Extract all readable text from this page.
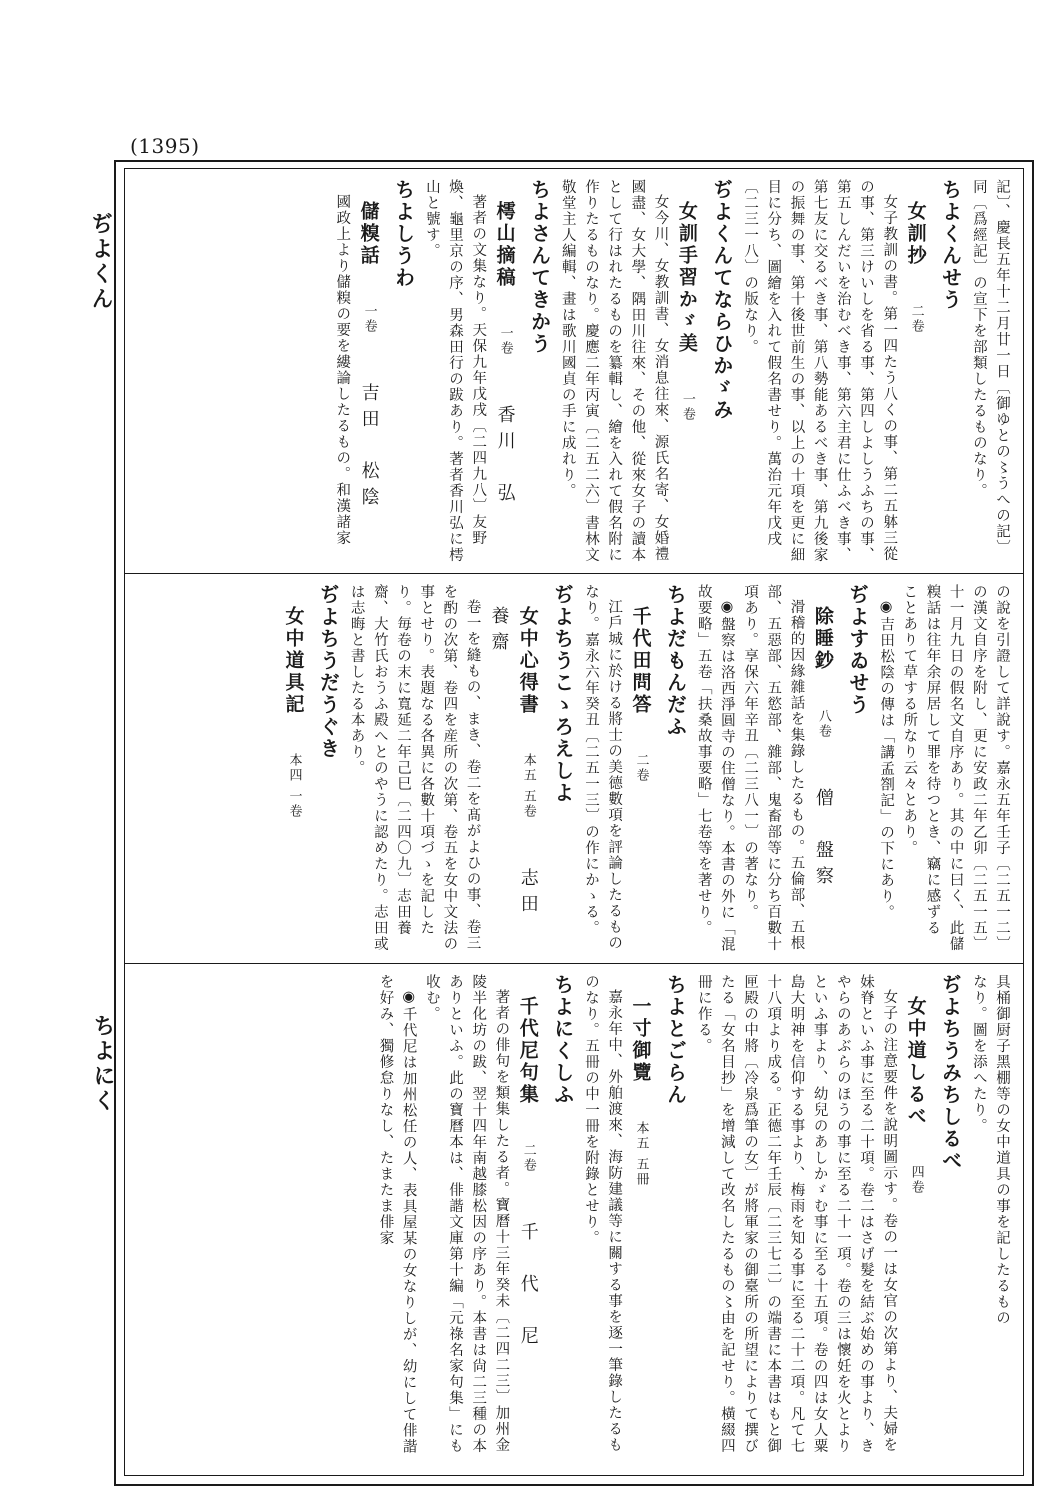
(1395)
ぢよくん
ちよにく
記〕、慶長五年十二月廿一日〔御ゆとの〻うへの記〕
同〔爲經記〕の宣下を部類したるものなり。
ちよくんせう
女訓抄　二卷
女子教訓の書。第一四たう八くの事、第二五躰三從の事、第三けいしを省る事、第四しよしうふちの事、第五しんだいを治むべき事、第六主君に仕ふべき事、第七友に交るべき事、第八勢能あるべき事、第九後家の振舞の事、第十後世前生の事、以上の十項を更に細目に分ち、圖繪を入れて假名書せり。萬治元年戊戌〔二三一八〕の版なり。
ぢよくんてならひかゞみ
女訓手習かゞ美　一卷
女今川、女教訓書、女消息往來、源氏名寄、女婚禮國盡、女大學、隅田川往來、その他、從來女子の讀本として行はれたるものを纂輯し、繪を入れて假名附に作りたるものなり。慶應二年丙寅〔二五二六〕書林文敬堂主人編輯、畫は歌川國貞の手に成れり。
ちよさんてきかう
樗山摘稿　一卷　香川　弘
著者の文集なり。天保九年戊戌〔二四九八〕友野煥、龜里京の序、男森田行の跋あり。著者香川弘に樗山と號す。
ちよしうわ
儲糗話　一卷　吉田　松陰
國政上より儲糗の要を縷論したるもの。和漢諸家
の說を引證して詳說す。嘉永五年壬子〔二五一二〕
の漢文自序を附し、更に安政二年乙卯〔二五一五〕
十一月九日の假名文自序あり。其の中に曰く、此儲
糗話は往年余屏居して罪を待つとき、竊に感ずる
ことありて草する所なり云々とあり。
◉吉田松陰の傳は「講孟劄記」の下にあり。
ぢよすゐせう
除睡鈔　八卷　僧　盤察
滑稽的因緣雜話を集錄したるもの。五倫部、五根部、五惡部、五慾部、雜部、鬼畜部等に分ち百數十項あり。享保六年辛丑〔二三八一〕の著なり。
◉盤察は洛西淨圓寺の住僧なり。本書の外に「混故要略」五卷「扶桑故事要略」七卷等を著せり。
ちよだもんだふ
千代田問答　二卷
江戶城に於ける將士の美德數項を評論したるものなり。嘉永六年癸丑〔二五一三〕の作にかゝる。
ぢよちうこゝろえしよ
女中心得書　本五 五卷　志田　養齋
卷一を縫もの、まき、卷二を髙がよひの事、卷三を酌の次第、卷四を産所の次第、卷五を女中文法の事とせり。表題なる各異に各數十項づゝを記したり。毎卷の末に寬延二年己巳〔二四〇九〕志田養齋、大竹氏おうふ殿へとのやうに認めたり。志田或は志晦と書したる本あり。
ぢよちうだうぐき
女中道具記　本四 一卷
具桶御厨子黑棚等の女中道具の事を記したるもの
なり。圖を添へたり。
ぢよちうみちしるべ
女中道しるべ　四卷
女子の注意要件を說明圖示す。卷の一は女官の次第より、夫婦を妹脊といふ事に至る二十項。卷二はさげ髮を結ぶ始めの事より、きやらのあぶらのほうの事に至る二十一項。卷の三は懷妊を火とよりといふ事より、幼兒のあしかゞむ事に至る十五項。卷の四は女人粟島大明神を信仰する事より、梅雨を知る事に至る二十二項。凡て七十八項より成る。正德二年壬辰〔二三七二〕の端書に本書はもと御匣殿の中將〔冷泉爲筆の女〕が將軍家の御臺所の所望によりて撰びたる「女名目抄」を增減して改名したるもの〻由を記せり。橫綴四冊に作る。
ちよとごらん
一寸御覽　本五 五冊
嘉永年中、外舶渡來、海防建議等に關する事を逐一筆錄したるものなり。五冊の中一冊を附錄とせり。
ちよにくしふ
千代尼句集　二卷　千　代　尼
著者の俳句を類集したる者。寶曆十三年癸未〔二四二三〕加州金陵半化坊の跋、翌十四年南越膝松因の序あり。本書は尙二三種の本ありといふ。此の寶曆本は、俳諧文庫第十編「元祿名家句集」にも收む。
◉千代尼は加州松任の人、表具屋某の女なりしが、幼にして俳諧を好み、獨修怠りなし、たまたま俳家
